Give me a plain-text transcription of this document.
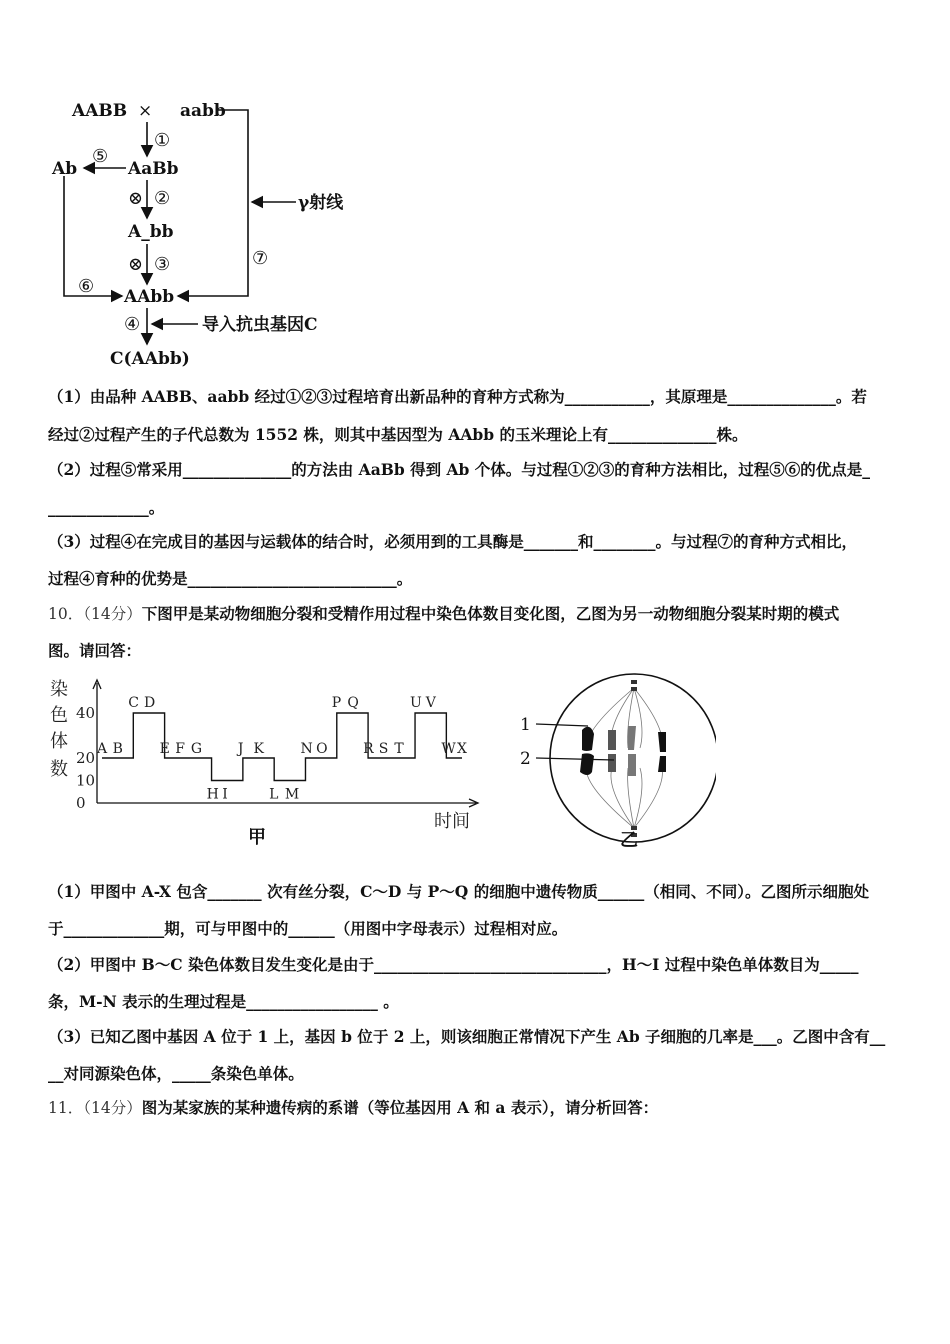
AABB × aabb
AaBb
Ab
A_bb
AAbb
C(AAbb)
γ射线
导入抗虫基因C
①
②
③
④
⑤
⑥
⑦
⊗
⊗
（1）由品种 AABB、aabb 经过①②③过程培育出新品种的育种方式称为___________，其原理是______________。若
经过②过程产生的子代总数为 1552 株，则其中基因型为 AAbb 的玉米理论上有______________株。
（2）过程⑤常采用______________的方法由 AaBb 得到 Ab 个体。与过程①②③的育种方法相比，过程⑤⑥的优点是_
_____________。
（3）过程④在完成目的基因与运载体的结合时，必须用到的工具酶是_______和________。与过程⑦的育种方式相比，
过程④育种的优势是___________________________。
10．（14分）下图甲是某动物细胞分裂和受精作用过程中染色体数目变化图，乙图为另一动物细胞分裂某时期的模式
图。请回答：
染
色
体
数
时间
甲
0
10
20
40
A B
C D
E F G
H I
J K
L M
N O
P Q
R S T
U V
W X
1
2
乙
（1）甲图中 A-X 包含_______ 次有丝分裂，C～D 与 P～Q 的细胞中遗传物质______（相同、不同）。乙图所示细胞处
于_____________期，可与甲图中的______（用图中字母表示）过程相对应。
（2）甲图中 B～C 染色体数目发生变化是由于______________________________，H～I 过程中染色单体数目为_____
条，M-N 表示的生理过程是_________________ 。
（3）已知乙图中基因 A 位于 1 上，基因 b 位于 2 上，则该细胞正常情况下产生 Ab 子细胞的几率是___。乙图中含有__
__对同源染色体，_____条染色单体。
11．（14分）图为某家族的某种遗传病的系谱（等位基因用 A 和 a 表示），请分析回答：
